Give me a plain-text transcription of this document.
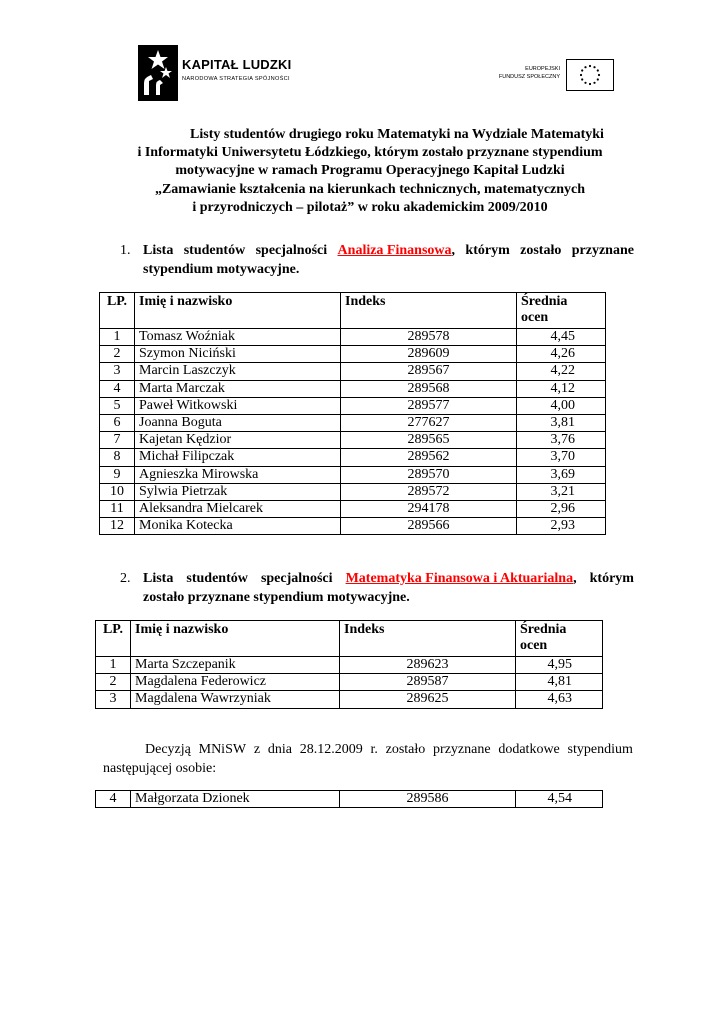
KAPITAŁ LUDZKI
NARODOWA STRATEGIA SPÓJNOŚCI
EUROPEJSKI
FUNDUSZ SPOŁECZNY
Listy studentów drugiego roku Matematyki na Wydziale Matematyki
i Informatyki Uniwersytetu Łódzkiego, którym zostało przyznane stypendium
motywacyjne w ramach Programu Operacyjnego Kapitał Ludzki
„Zamawianie kształcenia na kierunkach technicznych, matematycznych
i przyrodniczych – pilotaż” w roku akademickim 2009/2010
1. Lista studentów specjalności Analiza Finansowa, którym zostało przyznane
stypendium motywacyjne.
LP.	Imię i nazwisko	Indeks	Średnia
ocen
1	Tomasz Woźniak	289578	4,45
2	Szymon Niciński	289609	4,26
3	Marcin Laszczyk	289567	4,22
4	Marta Marczak	289568	4,12
5	Paweł Witkowski	289577	4,00
6	Joanna Boguta	277627	3,81
7	Kajetan Kędzior	289565	3,76
8	Michał Filipczak	289562	3,70
9	Agnieszka Mirowska	289570	3,69
10	Sylwia Pietrzak	289572	3,21
11	Aleksandra Mielcarek	294178	2,96
12	Monika Kotecka	289566	2,93
2. Lista studentów specjalności Matematyka Finansowa i Aktuarialna, którym
zostało przyznane stypendium motywacyjne.
LP.	Imię i nazwisko	Indeks	Średnia
ocen
1	Marta Szczepanik	289623	4,95
2	Magdalena Federowicz	289587	4,81
3	Magdalena Wawrzyniak	289625	4,63
Decyzją MNiSW z dnia 28.12.2009 r. zostało przyznane dodatkowe stypendium
następującej osobie:
4	Małgorzata Dzionek	289586	4,54
